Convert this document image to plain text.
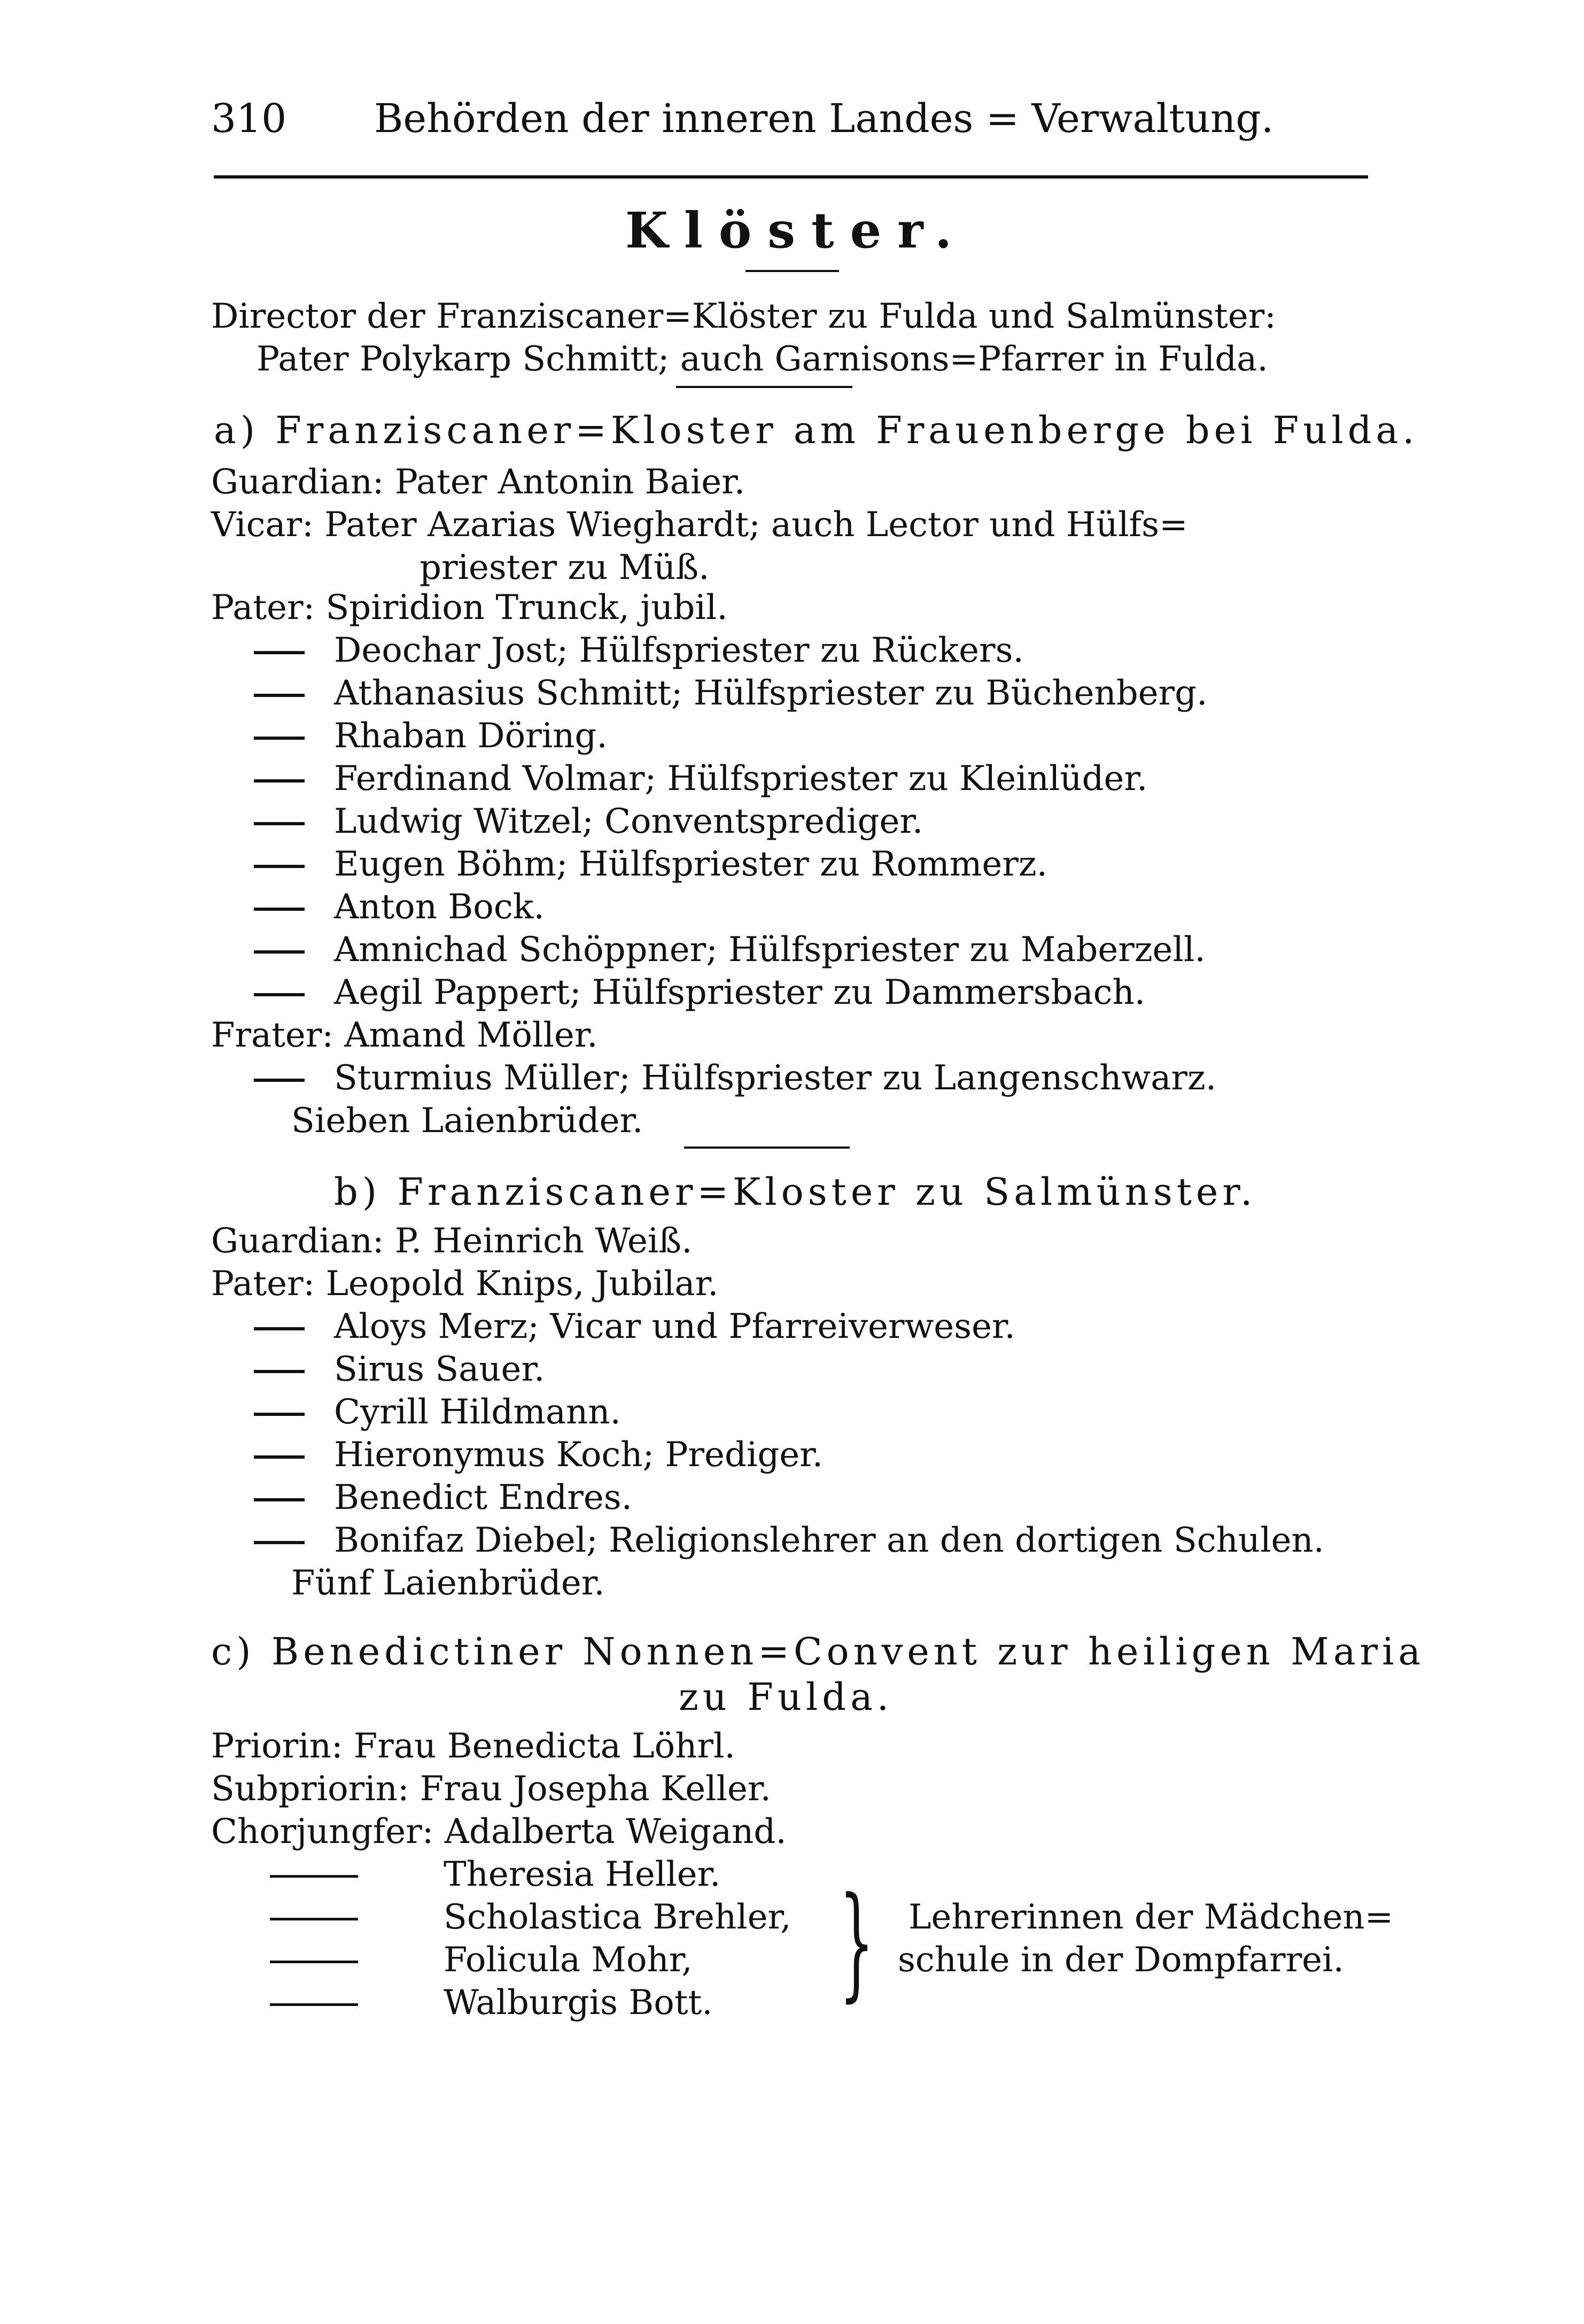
310 Behörden der inneren Landes = Verwaltung.
Klöster.
Director der Franziscaner=Klöster zu Fulda und Salmünster:
Pater Polykarp Schmitt; auch Garnisons=Pfarrer in Fulda.
a) Franziscaner=Kloster am Frauenberge bei Fulda.
Guardian: Pater Antonin Baier.
Vicar: Pater Azarias Wieghardt; auch Lector und Hülfs=
priester zu Müß.
Pater: Spiridion Trunck, jubil.
Deochar Jost; Hülfspriester zu Rückers.
Athanasius Schmitt; Hülfspriester zu Büchenberg.
Rhaban Döring.
Ferdinand Volmar; Hülfspriester zu Kleinlüder.
Ludwig Witzel; Conventsprediger.
Eugen Böhm; Hülfspriester zu Rommerz.
Anton Bock.
Amnichad Schöppner; Hülfspriester zu Maberzell.
Aegil Pappert; Hülfspriester zu Dammersbach.
Frater: Amand Möller.
Sturmius Müller; Hülfspriester zu Langenschwarz.
Sieben Laienbrüder.
b) Franziscaner=Kloster zu Salmünster.
Guardian: P. Heinrich Weiß.
Pater: Leopold Knips, Jubilar.
Aloys Merz; Vicar und Pfarreiverweser.
Sirus Sauer.
Cyrill Hildmann.
Hieronymus Koch; Prediger.
Benedict Endres.
Bonifaz Diebel; Religionslehrer an den dortigen Schulen.
Fünf Laienbrüder.
c) Benedictiner Nonnen=Convent zur heiligen Maria
zu Fulda.
Priorin: Frau Benedicta Löhrl.
Subpriorin: Frau Josepha Keller.
Chorjungfer: Adalberta Weigand.
Theresia Heller.
Scholastica Brehler,
Folicula Mohr,
Walburgis Bott. } Lehrerinnen der Mädchen=
schule in der Dompfarrei.
